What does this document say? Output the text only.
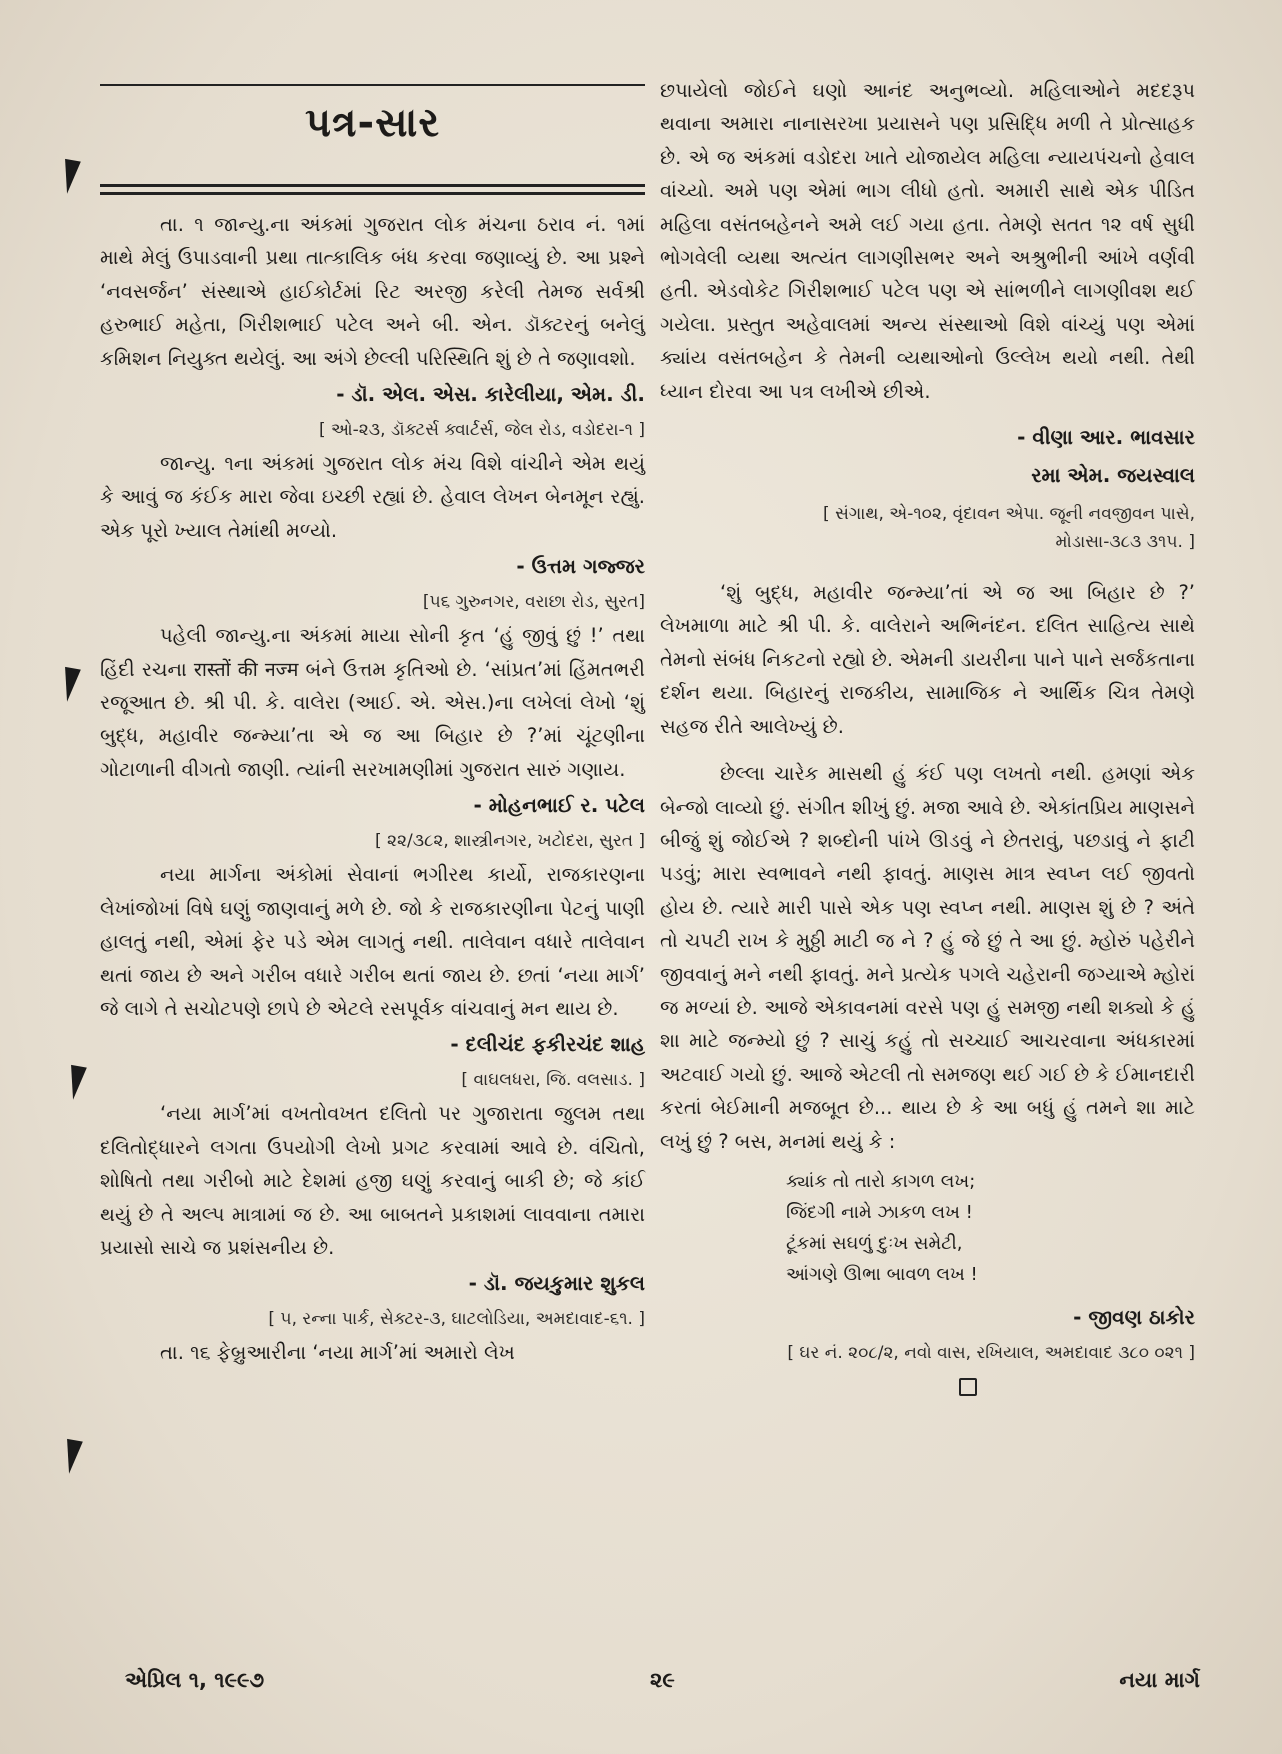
પત્ર-સાર

તા. ૧ જાન્યુ.ના અંકમાં ગુજરાત લોક મંચના ઠરાવ નં. ૧માં માથે મેલું ઉપાડવાની પ્રથા તાત્કાલિક બંધ કરવા જણાવ્યું છે. આ પ્રશ્ને ‘નવસર્જન’ સંસ્થાએ હાઈકોર્ટમાં રિટ અરજી કરેલી તેમજ સર્વશ્રી હરુભાઈ મહેતા, ગિરીશભાઈ પટેલ અને બી. એન. ડૉક્ટરનું બનેલું કમિશન નિયુક્ત થયેલું. આ અંગે છેલ્લી પરિસ્થિતિ શું છે તે જણાવશો.

- ડૉ. એલ. એસ. કારેલીયા, એમ. ડી.
[ ઓ-૨૩, ડૉક્ટર્સ ક્વાર્ટર્સ, જેલ રોડ, વડોદરા-૧ ]

જાન્યુ. ૧ના અંકમાં ગુજરાત લોક મંચ વિશે વાંચીને એમ થયું કે આવું જ કંઈક મારા જેવા ઇચ્છી રહ્યાં છે. હેવાલ લેખન બેનમૂન રહ્યું. એક પૂરો ખ્યાલ તેમાંથી મળ્યો.

- ઉત્તમ ગજ્જર
[૫૬ ગુરુનગર, વરાછા રોડ, સુરત]

પહેલી જાન્યુ.ના અંકમાં માયા સોની કૃત ‘હું જીવું છું !’ તથા હિંદી રચના रास्तों की नज्म બંને ઉત્તમ કૃતિઓ છે. ‘સાંપ્રત’માં હિંમતભરી રજૂઆત છે. શ્રી પી. કે. વાલેરા (આઈ. એ. એસ.)ના લખેલાં લેખો ‘શું બુદ્ધ, મહાવીર જન્મ્યા’તા એ જ આ બિહાર છે ?’માં ચૂંટણીના ગોટાળાની વીગતો જાણી. ત્યાંની સરખામણીમાં ગુજરાત સારું ગણાય.

- મોહનભાઈ ર. પટેલ
[ ૨૨/૩૮૨, શાસ્ત્રીનગર, ખટોદરા, સુરત ]

નયા માર્ગના અંકોમાં સેવાનાં ભગીરથ કાર્યો, રાજકારણના લેખાંજોખાં વિષે ઘણું જાણવાનું મળે છે. જો કે રાજકારણીના પેટનું પાણી હાલતું નથી, એમાં ફેર પડે એમ લાગતું નથી. તાલેવાન વધારે તાલેવાન થતાં જાય છે અને ગરીબ વધારે ગરીબ થતાં જાય છે. છતાં ‘નયા માર્ગ’ જે લાગે તે સચોટપણે છાપે છે એટલે રસપૂર્વક વાંચવાનું મન થાય છે.

- દલીચંદ ફકીરચંદ શાહ
[ વાઘલધરા, જિ. વલસાડ. ]

‘નયા માર્ગ’માં વખતોવખત દલિતો પર ગુજારાતા જુલમ તથા દલિતોદ્ધારને લગતા ઉપયોગી લેખો પ્રગટ કરવામાં આવે છે. વંચિતો, શોષિતો તથા ગરીબો માટે દેશમાં હજી ઘણું કરવાનું બાકી છે; જે કાંઈ થયું છે તે અલ્પ માત્રામાં જ છે. આ બાબતને પ્રકાશમાં લાવવાના તમારા પ્રયાસો સાચે જ પ્રશંસનીય છે.

- ડૉ. જયકુમાર શુકલ
[ ૫, રન્ના પાર્ક, સેક્ટર-૩, ઘાટલોડિયા, અમદાવાદ-૬૧. ]

તા. ૧૬ ફેબ્રુઆરીના ‘નયા માર્ગ’માં અમારો લેખ

છપાયેલો જોઈને ઘણો આનંદ અનુભવ્યો. મહિલાઓને મદદરૂપ થવાના અમારા નાનાસરખા પ્રયાસને પણ પ્રસિદ્ધિ મળી તે પ્રોત્સાહક છે. એ જ અંકમાં વડોદરા ખાતે યોજાયેલ મહિલા ન્યાયપંચનો હેવાલ વાંચ્યો. અમે પણ એમાં ભાગ લીધો હતો. અમારી સાથે એક પીડિત મહિલા વસંતબહેનને અમે લઈ ગયા હતા. તેમણે સતત ૧૨ વર્ષ સુધી ભોગવેલી વ્યથા અત્યંત લાગણીસભર અને અશ્રુભીની આંખે વર્ણવી હતી. એડવોકેટ ગિરીશભાઈ પટેલ પણ એ સાંભળીને લાગણીવશ થઈ ગયેલા. પ્રસ્તુત અહેવાલમાં અન્ય સંસ્થાઓ વિશે વાંચ્યું પણ એમાં ક્યાંય વસંતબહેન કે તેમની વ્યથાઓનો ઉલ્લેખ થયો નથી. તેથી ધ્યાન દોરવા આ પત્ર લખીએ છીએ.

- વીણા આર. ભાવસાર
રમા એમ. જયસ્વાલ
[ સંગાથ, એ-૧૦૨, વૃંદાવન એપા. જૂની નવજીવન પાસે,
મોડાસા-૩૮૩ ૩૧૫. ]

‘શું બુદ્ધ, મહાવીર જન્મ્યા’તાં એ જ આ બિહાર છે ?’ લેખમાળા માટે શ્રી પી. કે. વાલેરાને અભિનંદન. દલિત સાહિત્ય સાથે તેમનો સંબંધ નિકટનો રહ્યો છે. એમની ડાયરીના પાને પાને સર્જકતાના દર્શન થયા. બિહારનું રાજકીય, સામાજિક ને આર્થિક ચિત્ર તેમણે સહજ રીતે આલેખ્યું છે.

છેલ્લા ચારેક માસથી હું કંઈ પણ લખતો નથી. હમણાં એક બેન્જો લાવ્યો છું. સંગીત શીખું છું. મજા આવે છે. એકાંતપ્રિય માણસને બીજું શું જોઈએ ? શબ્દોની પાંખે ઊડવું ને છેતરાવું, પછડાવું ને ફાટી પડવું; મારા સ્વભાવને નથી ફાવતું. માણસ માત્ર સ્વપ્ન લઈ જીવતો હોય છે. ત્યારે મારી પાસે એક પણ સ્વપ્ન નથી. માણસ શું છે ? અંતે તો ચપટી રાખ કે મુઠ્ઠી માટી જ ને ? હું જે છું તે આ છું. મ્હોરું પહેરીને જીવવાનું મને નથી ફાવતું. મને પ્રત્યેક પગલે ચહેરાની જગ્યાએ મ્હોરાં જ મળ્યાં છે. આજે એકાવનમાં વરસે પણ હું સમજી નથી શક્યો કે હું શા માટે જન્મ્યો છું ? સાચું કહું તો સચ્ચાઈ આચરવાના અંધકારમાં અટવાઈ ગયો છું. આજે એટલી તો સમજણ થઈ ગઈ છે કે ઈમાનદારી કરતાં બેઈમાની મજબૂત છે... થાય છે કે આ બધું હું તમને શા માટે લખું છું ? બસ, મનમાં થયું કે :

ક્યાંક તો તારો કાગળ લખ;
જિંદગી નામે ઝાકળ લખ !
ટૂંકમાં સઘળું દુઃખ સમેટી,
આંગણે ઊભા બાવળ લખ !
- જીવણ ઠાકોર
[ ઘર નં. ૨૦૮/૨, નવો વાસ, રખિયાલ, અમદાવાદ ૩૮૦ ૦૨૧ ]
એપ્રિલ ૧, ૧૯૯૭	૨૯	નયા માર્ગ
